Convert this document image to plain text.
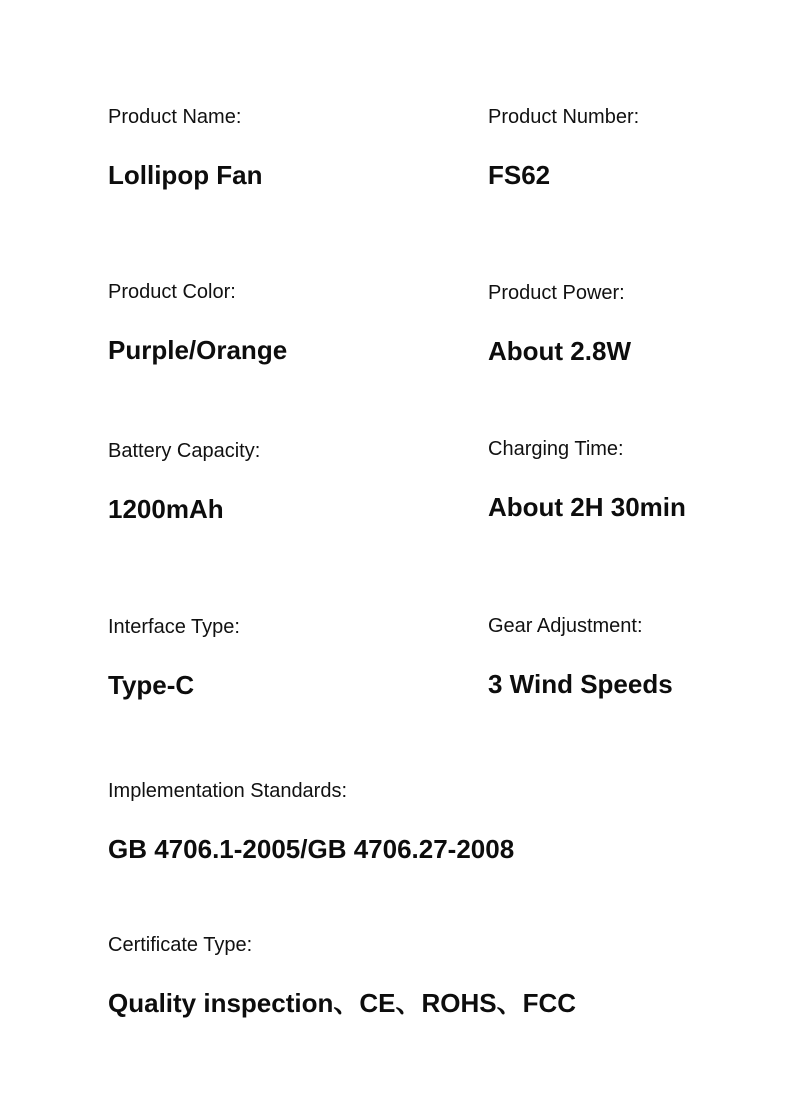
Product Name:
Lollipop Fan
Product Number:
FS62
Product Color:
Purple/Orange
Product Power:
About 2.8W
Battery Capacity:
1200mAh
Charging Time:
About 2H 30min
Interface Type:
Type-C
Gear Adjustment:
3 Wind Speeds
Implementation Standards:
GB 4706.1-2005/GB 4706.27-2008
Certificate Type:
Quality inspection、CE、ROHS、FCC
